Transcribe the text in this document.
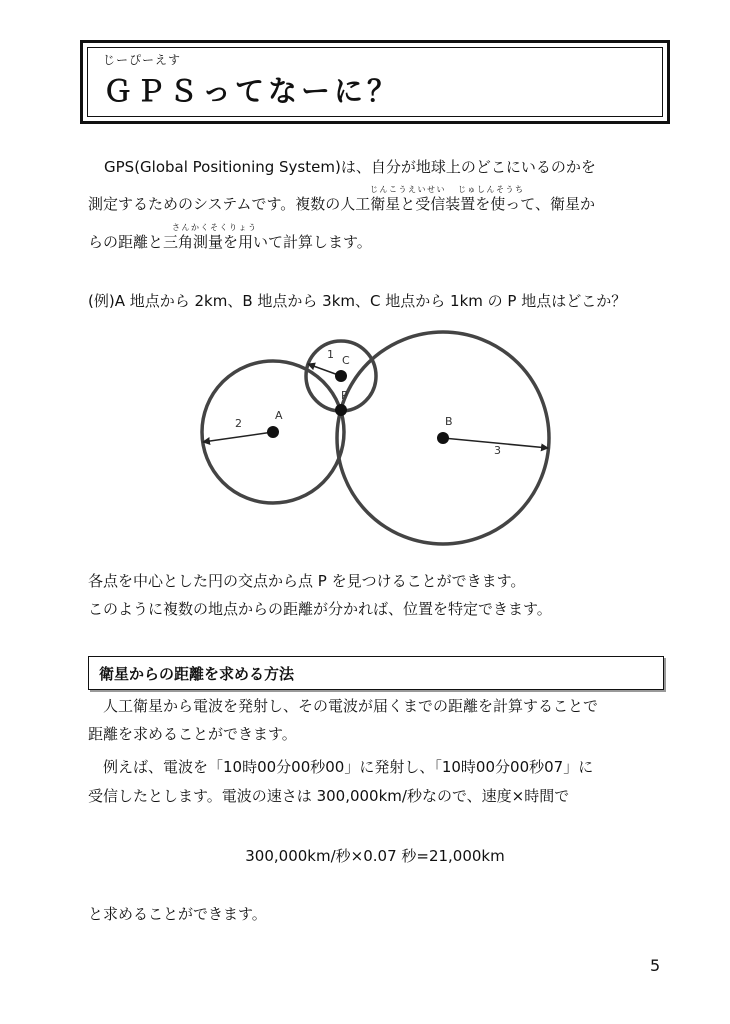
じーぴーえす
ＧＰＳってなーに？
GPS(Global Positioning System)は、自分が地球上のどこにいるのかを
じんこうえいせい じゅしんそうち
測定するためのシステムです。複数の人工衛星と受信装置を使って、衛星か
さんかくそくりょう
らの距離と三角測量を用いて計算します。
(例)A 地点から 2km、B 地点から 3km、C 地点から 1km の P 地点はどこか？
A	B
C
P
2
3
1
各点を中心とした円の交点から点 P を見つけることができます。
このように複数の地点からの距離が分かれば、位置を特定できます。
衛星からの距離を求める方法
　人工衛星から電波を発射し、その電波が届くまでの距離を計算することで
距離を求めることができます。
　例えば、電波を「10時00分00秒00」に発射し、「10時00分00秒07」に
受信したとします。電波の速さは 300,000km/秒なので、速度×時間で
300,000km/秒×0.07 秒=21,000km
と求めることができます。
5
